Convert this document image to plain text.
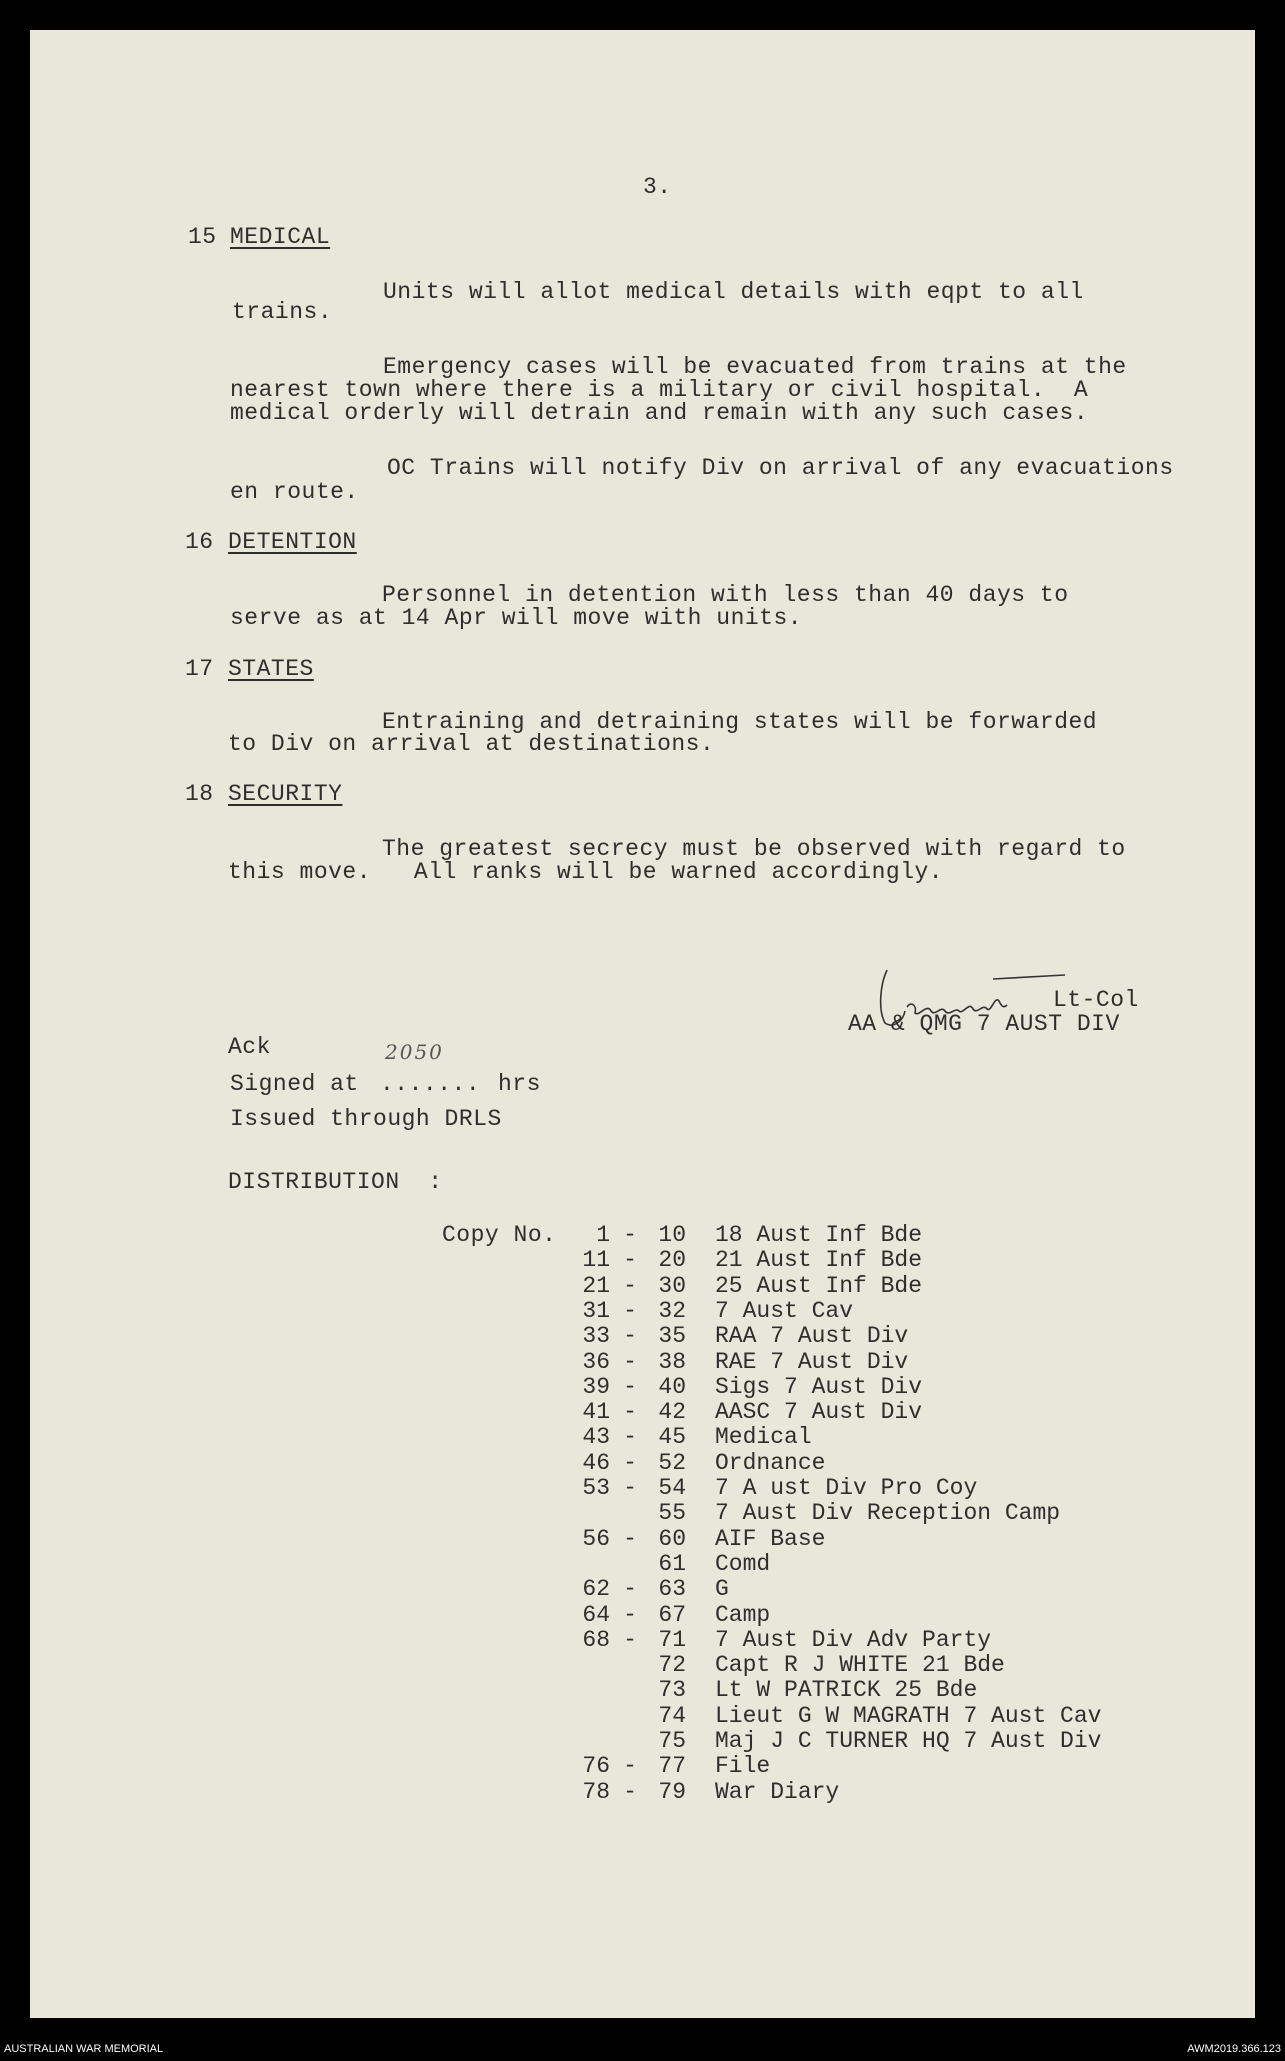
3.
15 MEDICAL
Units will allot medical details with eqpt to all
trains.
Emergency cases will be evacuated from trains at the
nearest town where there is a military or civil hospital.  A
medical orderly will detrain and remain with any such cases.
OC Trains will notify Div on arrival of any evacuations
en route.
16 DETENTION
Personnel in detention with less than 40 days to
serve as at 14 Apr will move with units.
17 STATES
Entraining and detraining states will be forwarded
to Div on arrival at destinations.
18 SECURITY
The greatest secrecy must be observed with regard to
this move.   All ranks will be warned accordingly.
Lt-Col
AA & QMG 7 AUST DIV
Ack
Signed at
2050
....... hrs
Issued through DRLS
DISTRIBUTION  :
Copy No.	1 - 10 18 Aust Inf Bde
11 - 20 21 Aust Inf Bde
21 - 30 25 Aust Inf Bde
31 - 32 7 Aust Cav
33 - 35 RAA 7 Aust Div
36 - 38 RAE 7 Aust Div
39 - 40 Sigs 7 Aust Div
41 - 42 AASC 7 Aust Div
43 - 45 Medical
46 - 52 Ordnance
53 - 54 7 A ust Div Pro Coy
55 7 Aust Div Reception Camp
56 - 60 AIF Base
61 Comd
62 - 63 G
64 - 67 Camp
68 - 71 7 Aust Div Adv Party
72 Capt R J WHITE 21 Bde
73 Lt W PATRICK 25 Bde
74 Lieut G W MAGRATH 7 Aust Cav
75 Maj J C TURNER HQ 7 Aust Div
76 - 77 File
78 - 79 War Diary
AUSTRALIAN WAR MEMORIAL	AWM2019.366.123
